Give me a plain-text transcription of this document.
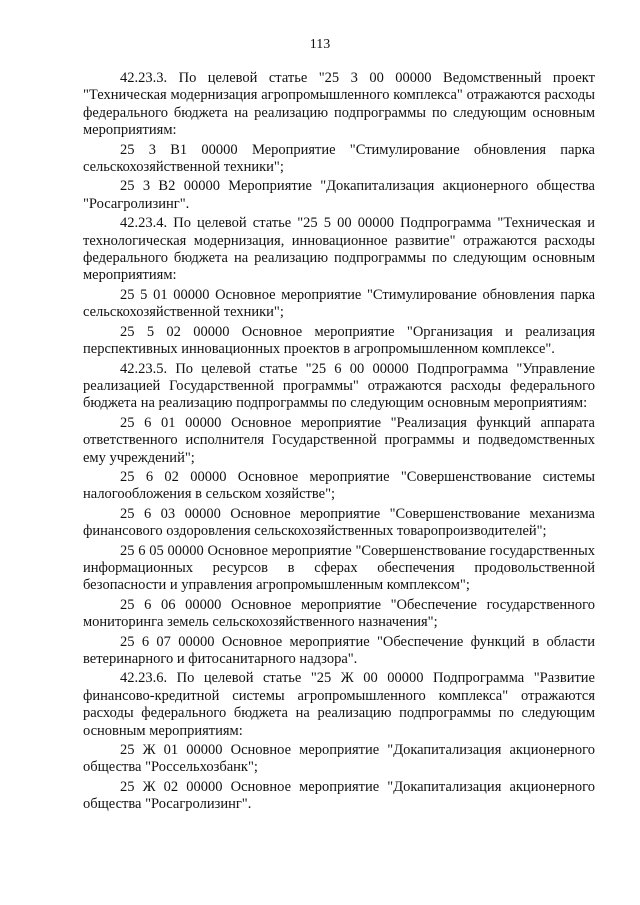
113

42.23.3. По целевой статье "25 3 00 00000 Ведомственный проект "Техническая модернизация агропромышленного комплекса" отражаются расходы федерального бюджета на реализацию подпрограммы по следующим основным мероприятиям:

25 3 В1 00000 Мероприятие "Стимулирование обновления парка сельскохозяйственной техники";

25 3 В2 00000 Мероприятие "Докапитализация акционерного общества "Росагролизинг".

42.23.4. По целевой статье "25 5 00 00000 Подпрограмма "Техническая и технологическая модернизация, инновационное развитие" отражаются расходы федерального бюджета на реализацию подпрограммы по следующим основным мероприятиям:

25 5 01 00000 Основное мероприятие "Стимулирование обновления парка сельскохозяйственной техники";

25 5 02 00000 Основное мероприятие "Организация и реализация перспективных инновационных проектов в агропромышленном комплексе".

42.23.5. По целевой статье "25 6 00 00000 Подпрограмма "Управление реализацией Государственной программы" отражаются расходы федерального бюджета на реализацию подпрограммы по следующим основным мероприятиям:

25 6 01 00000 Основное мероприятие "Реализация функций аппарата ответственного исполнителя Государственной программы и подведомственных ему учреждений";

25 6 02 00000 Основное мероприятие "Совершенствование системы налогообложения в сельском хозяйстве";

25 6 03 00000 Основное мероприятие "Совершенствование механизма финансового оздоровления сельскохозяйственных товаропроизводителей";

25 6 05 00000 Основное мероприятие "Совершенствование государственных информационных ресурсов в сферах обеспечения продовольственной безопасности и управления агропромышленным комплексом";

25 6 06 00000 Основное мероприятие "Обеспечение государственного мониторинга земель сельскохозяйственного назначения";

25 6 07 00000 Основное мероприятие "Обеспечение функций в области ветеринарного и фитосанитарного надзора".

42.23.6. По целевой статье "25 Ж 00 00000 Подпрограмма "Развитие финансово-кредитной системы агропромышленного комплекса" отражаются расходы федерального бюджета на реализацию подпрограммы по следующим основным мероприятиям:

25 Ж 01 00000 Основное мероприятие "Докапитализация акционерного общества "Россельхозбанк";

25 Ж 02 00000 Основное мероприятие "Докапитализация акционерного общества "Росагролизинг".
